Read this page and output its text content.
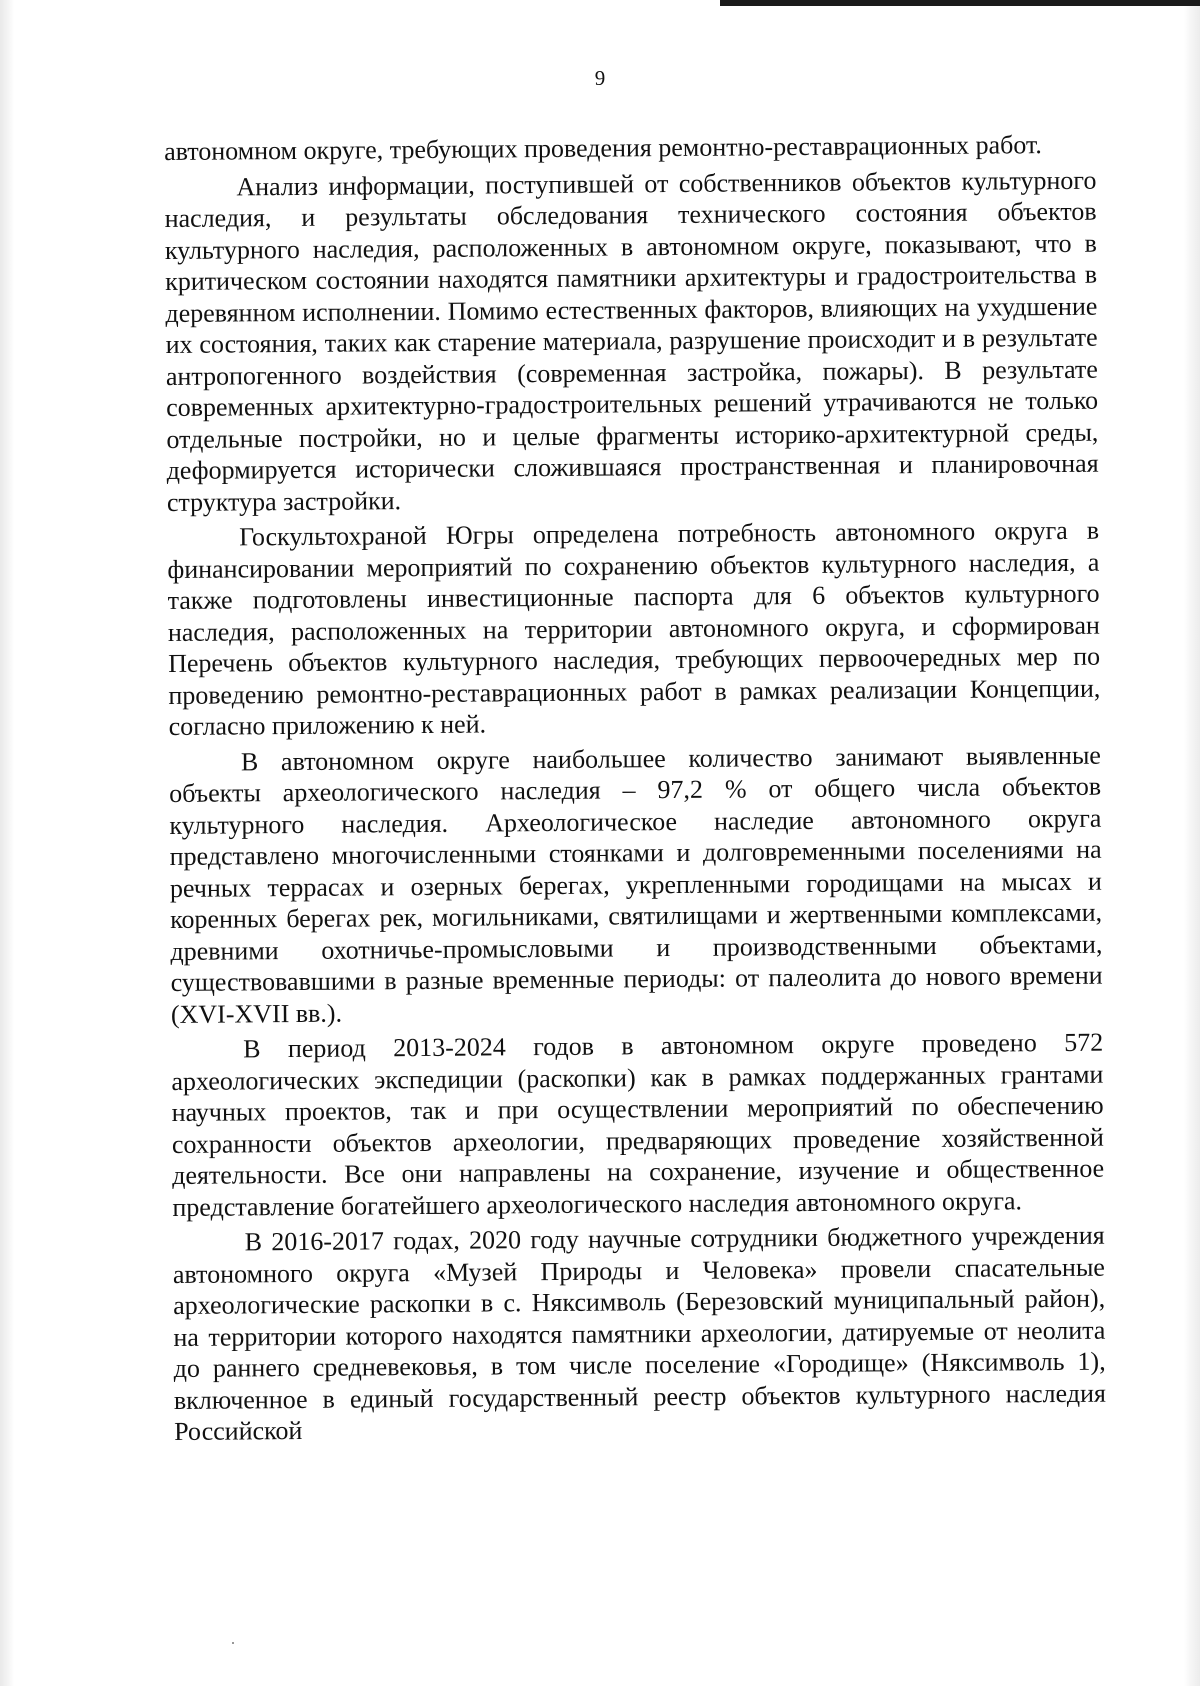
9

автономном округе, требующих проведения ремонтно-реставрационных работ.

Анализ информации, поступившей от собственников объектов культурного наследия, и результаты обследования технического состояния объектов культурного наследия, расположенных в автономном округе, показывают, что в критическом состоянии находятся памятники архитектуры и градостроительства в деревянном исполнении. Помимо естественных факторов, влияющих на ухудшение их состояния, таких как старение материала, разрушение происходит и в результате антропогенного воздействия (современная застройка, пожары). В результате современных архитектурно-градостроительных решений утрачиваются не только отдельные постройки, но и целые фрагменты историко-архитектурной среды, деформируется исторически сложившаяся пространственная и планировочная структура застройки.

Госкультохраной Югры определена потребность автономного округа в финансировании мероприятий по сохранению объектов культурного наследия, а также подготовлены инвестиционные паспорта для 6 объектов культурного наследия, расположенных на территории автономного округа, и сформирован Перечень объектов культурного наследия, требующих первоочередных мер по проведению ремонтно-реставрационных работ в рамках реализации Концепции, согласно приложению к ней.

В автономном округе наибольшее количество занимают выявленные объекты археологического наследия – 97,2 % от общего числа объектов культурного наследия. Археологическое наследие автономного округа представлено многочисленными стоянками и долговременными поселениями на речных террасах и озерных берегах, укрепленными городищами на мысах и коренных берегах рек, могильниками, святилищами и жертвенными комплексами, древними охотничье-промысловыми и производственными объектами, существовавшими в разные временные периоды: от палеолита до нового времени (XVI-XVII вв.).

В период 2013-2024 годов в автономном округе проведено 572 археологических экспедиции (раскопки) как в рамках поддержанных грантами научных проектов, так и при осуществлении мероприятий по обеспечению сохранности объектов археологии, предваряющих проведение хозяйственной деятельности. Все они направлены на сохранение, изучение и общественное представление богатейшего археологического наследия автономного округа.

В 2016-2017 годах, 2020 году научные сотрудники бюджетного учреждения автономного округа «Музей Природы и Человека» провели спасательные археологические раскопки в с. Няксимволь (Березовский муниципальный район), на территории которого находятся памятники археологии, датируемые от неолита до раннего средневековья, в том числе поселение «Городище» (Няксимволь 1), включенное в единый государственный реестр объектов культурного наследия Российской
